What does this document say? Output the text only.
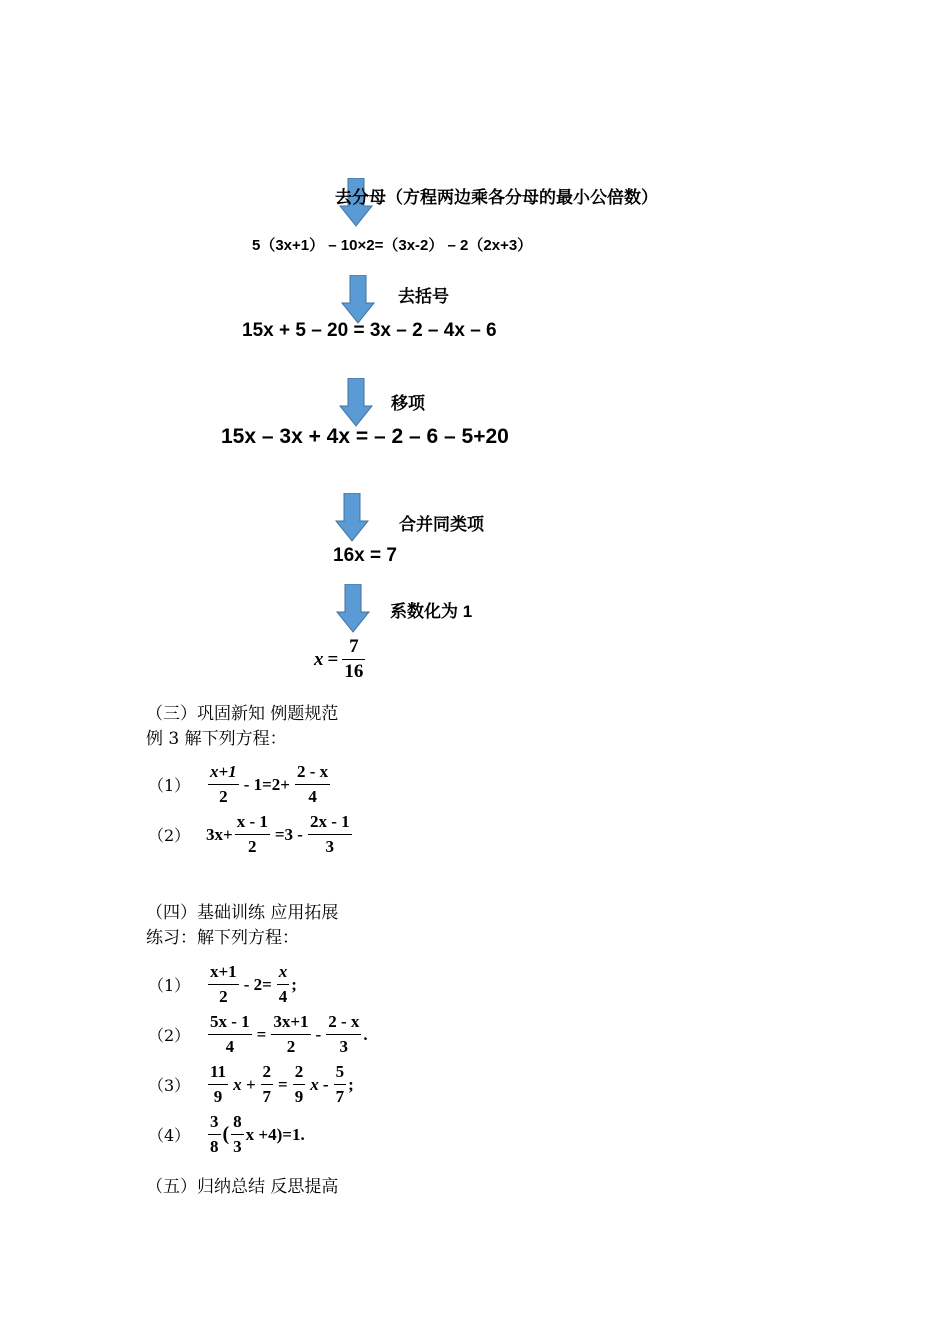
去分母（方程两边乘各分母的最小公倍数）
5（3x+1） – 10×2=（3x-2） – 2（2x+3）
去括号
15x + 5 – 20 = 3x – 2 – 4x – 6
移项
15x – 3x + 4x = – 2 – 6 – 5+20
合并同类项
16x = 7
系数化为 1
$x = \frac{7}{16}$
（三）巩固新知 例题规范
例 3 解下列方程：
（1）	$\frac{x+1}{2} - 1=2+ \frac{2 - x}{4}$
（2） $3x+ \frac{x - 1}{2} =3 - \frac{2x - 1}{3}$
（四）基础训练 应用拓展
练习：解下列方程：
（1）	$\frac{x+1}{2} - 2= \frac{x}{4}$ ;
（2）	$\frac{5x - 1}{4} = \frac{3x+1}{2} - \frac{2 - x}{3}$ .
（3）	$\frac{11}{9}$ $x + \frac{2}{7} = \frac{2}{9}$ x - $\frac{5}{7}$ ;
（4）	$\frac{3}{8}$ ( $\frac{8}{3}$ x +4)=1.
（五）归纳总结 反思提高
